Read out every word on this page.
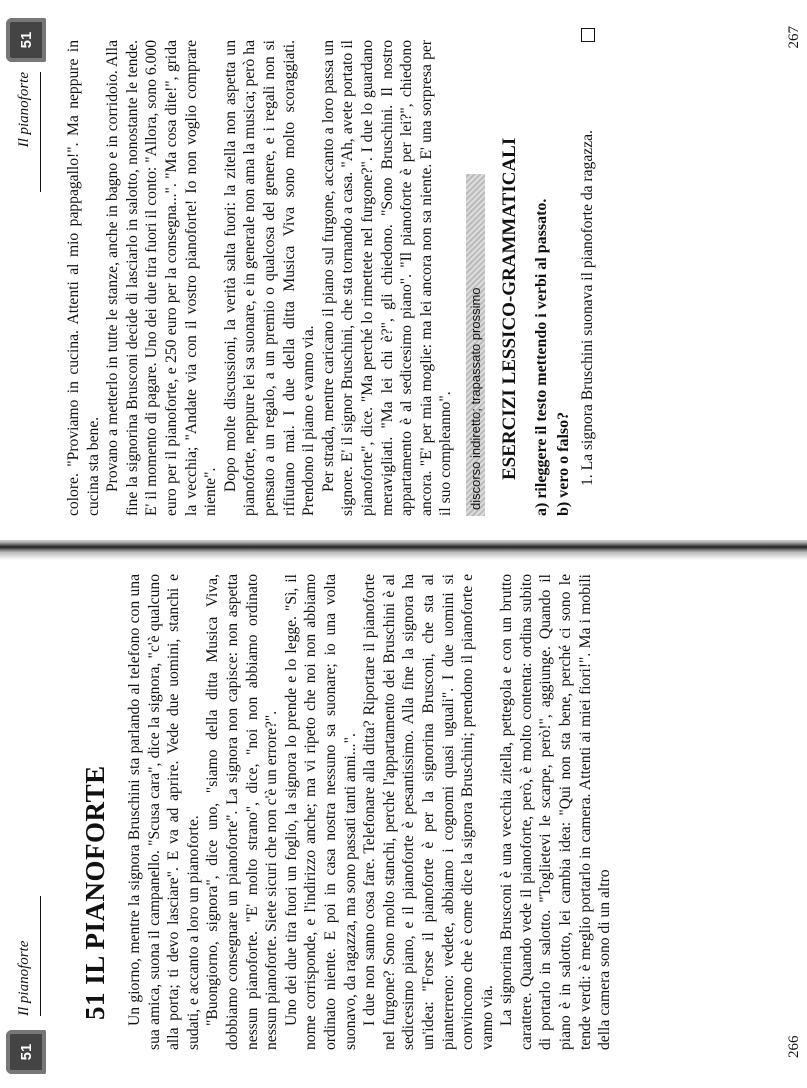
51
Il pianoforte 51 IL PIANOFORTE Un giorno, mentre la signora Bruschini sta parlando al telefono con una sua amica, suona il campanello. "Scusa cara", dice la signora, "c'è qualcuno alla porta; ti devo lasciare". E va ad aprire. Vede due uomini, stanchi e sudati, e accanto a loro un pianoforte. "Buongiorno, signora", dice uno, "siamo della ditta Musica Viva, dobbiamo consegnare un pianoforte". La signora non capisce: non aspetta nessun pianoforte. "E' molto strano", dice, "noi non abbiamo ordinato nessun pianoforte. Siete sicuri che non c'è un errore?". Uno dei due tira fuori un foglio, la signora lo prende e lo legge. "Sì, il nome corrisponde, e l'indirizzo anche; ma vi ripeto che noi non abbiamo ordinato niente. E poi in casa nostra nessuno sa suonare; io una volta suonavo, da ragazza, ma sono passati tanti anni...". I due non sanno cosa fare. Telefonare alla ditta? Riportare il pianoforte nel furgone? Sono molto stanchi, perché l'appartamento dei Bruschini è al sedicesimo piano, e il pianoforte è pesantissimo. Alla fine la signora ha un'idea: "Forse il pianoforte è per la signorina Brusconi, che sta al pianterreno: vedete, abbiamo i cognomi quasi uguali". I due uomini si convincono che è come dice la signora Bruschini; prendono il pianoforte e vanno via. La signorina Brusconi è una vecchia zitella, pettegola e con un brutto carattere. Quando vede il pianoforte, però, è molto contenta: ordina subito di portarlo in salotto. "Toglietevi le scarpe, però!", aggiunge. Quando il piano è in salotto, lei cambia idea: "Qui non sta bene, perché ci sono le tende verdi: è meglio portarlo in camera. Attenti ai miei fiori!". Ma i mobili della camera sono di un altro	266
51
Il pianoforte colore. "Proviamo in cucina. Attenti al mio pappagallo!". Ma neppure in cucina sta bene. Provano a metterlo in tutte le stanze, anche in bagno e in corridoio. Alla fine la signorina Brusconi decide di lasciarlo in salotto, nonostante le tende. E' il momento di pagare. Uno dei due tira fuori il conto: "Allora, sono 6.000 euro per il pianoforte, e 250 euro per la consegna...". "Ma cosa dite!", grida la vecchia; "Andate via con il vostro pianoforte! Io non voglio comprare niente". Dopo molte discussioni, la verità salta fuori: la zitella non aspetta un pianoforte, neppure lei sa suonare, e in generale non ama la musica; però ha pensato a un regalo, a un premio o qualcosa del genere, e i regali non si rifiutano mai. I due della ditta Musica Viva sono molto scoraggiati. Prendono il piano e vanno via. Per strada, mentre caricano il piano sul furgone, accanto a loro passa un signore. E' il signor Bruschini, che sta tornando a casa. "Ah, avete portato il pianoforte", dice. "Ma perché lo rimettete nel furgone?". I due lo guardano meravigliati. "Ma lei chi è?", gli chiedono. "Sono Bruschini. Il nostro appartamento è al sedicesimo piano". "Il pianoforte è per lei?", chiedono ancora. "E' per mia moglie: ma lei ancora non sa niente. E' una sorpresa per il suo compleanno". discorso indiretto; trapassato prossimo ESERCIZI LESSICO-GRAMMATICALI a) rileggere il testo mettendo i verbi al passato. b) vero o falso? 1. La signora Bruschini suonava il pianoforte da ragazza.
267
